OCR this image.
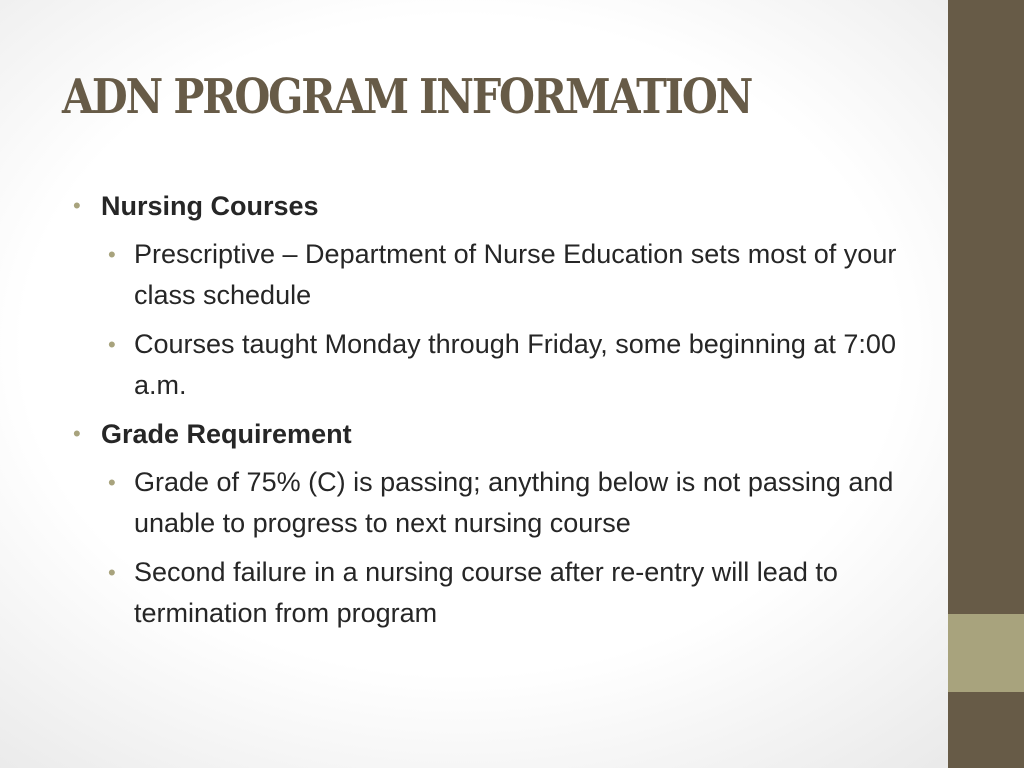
ADN PROGRAM INFORMATION
• Nursing Courses
• Prescriptive – Department of Nurse Education sets most of your class schedule
• Courses taught Monday through Friday, some beginning at 7:00 a.m.
• Grade Requirement
• Grade of 75% (C) is passing; anything below is not passing and unable to progress to next nursing course
• Second failure in a nursing course after re-entry will lead to termination from program
